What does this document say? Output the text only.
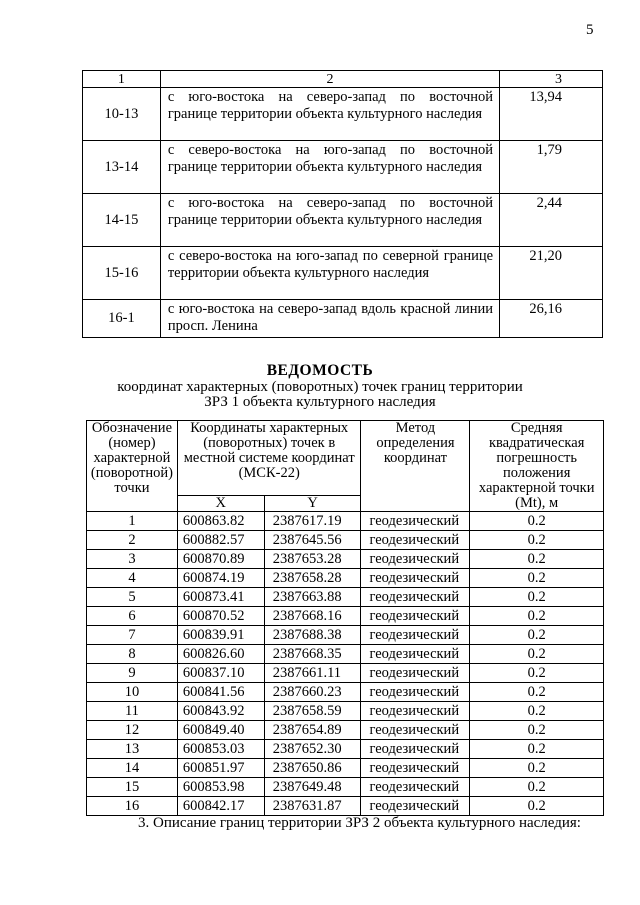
5
1	2	3
10-13	с юго-востока на северо-запад по восточной границе территории объекта культурного наследия	13,94
13-14	с северо-востока на юго-запад по восточной границе территории объекта культурного наследия	1,79
14-15	с юго-востока на северо-запад по восточной границе территории объекта культурного наследия	2,44
15-16	с северо-востока на юго-запад по северной границе территории объекта культурного наследия	21,20
16-1	с юго-востока на северо-запад вдоль красной линии просп. Ленина	26,16
ВЕДОМОСТЬ
координат характерных (поворотных) точек границ территории
ЗРЗ 1 объекта культурного наследия
Обозначение (номер) характерной (поворотной) точки	Координаты характерных (поворотных) точек в местной системе координат (МСК-22)		Метод определения координат	Средняя квадратическая погрешность положения характерной точки (Mt), м
	X	Y		
1	600863.82	2387617.19	геодезический	0.2
2	600882.57	2387645.56	геодезический	0.2
3	600870.89	2387653.28	геодезический	0.2
4	600874.19	2387658.28	геодезический	0.2
5	600873.41	2387663.88	геодезический	0.2
6	600870.52	2387668.16	геодезический	0.2
7	600839.91	2387688.38	геодезический	0.2
8	600826.60	2387668.35	геодезический	0.2
9	600837.10	2387661.11	геодезический	0.2
10	600841.56	2387660.23	геодезический	0.2
11	600843.92	2387658.59	геодезический	0.2
12	600849.40	2387654.89	геодезический	0.2
13	600853.03	2387652.30	геодезический	0.2
14	600851.97	2387650.86	геодезический	0.2
15	600853.98	2387649.48	геодезический	0.2
16	600842.17	2387631.87	геодезический	0.2
3. Описание границ территории ЗРЗ 2 объекта культурного наследия:
